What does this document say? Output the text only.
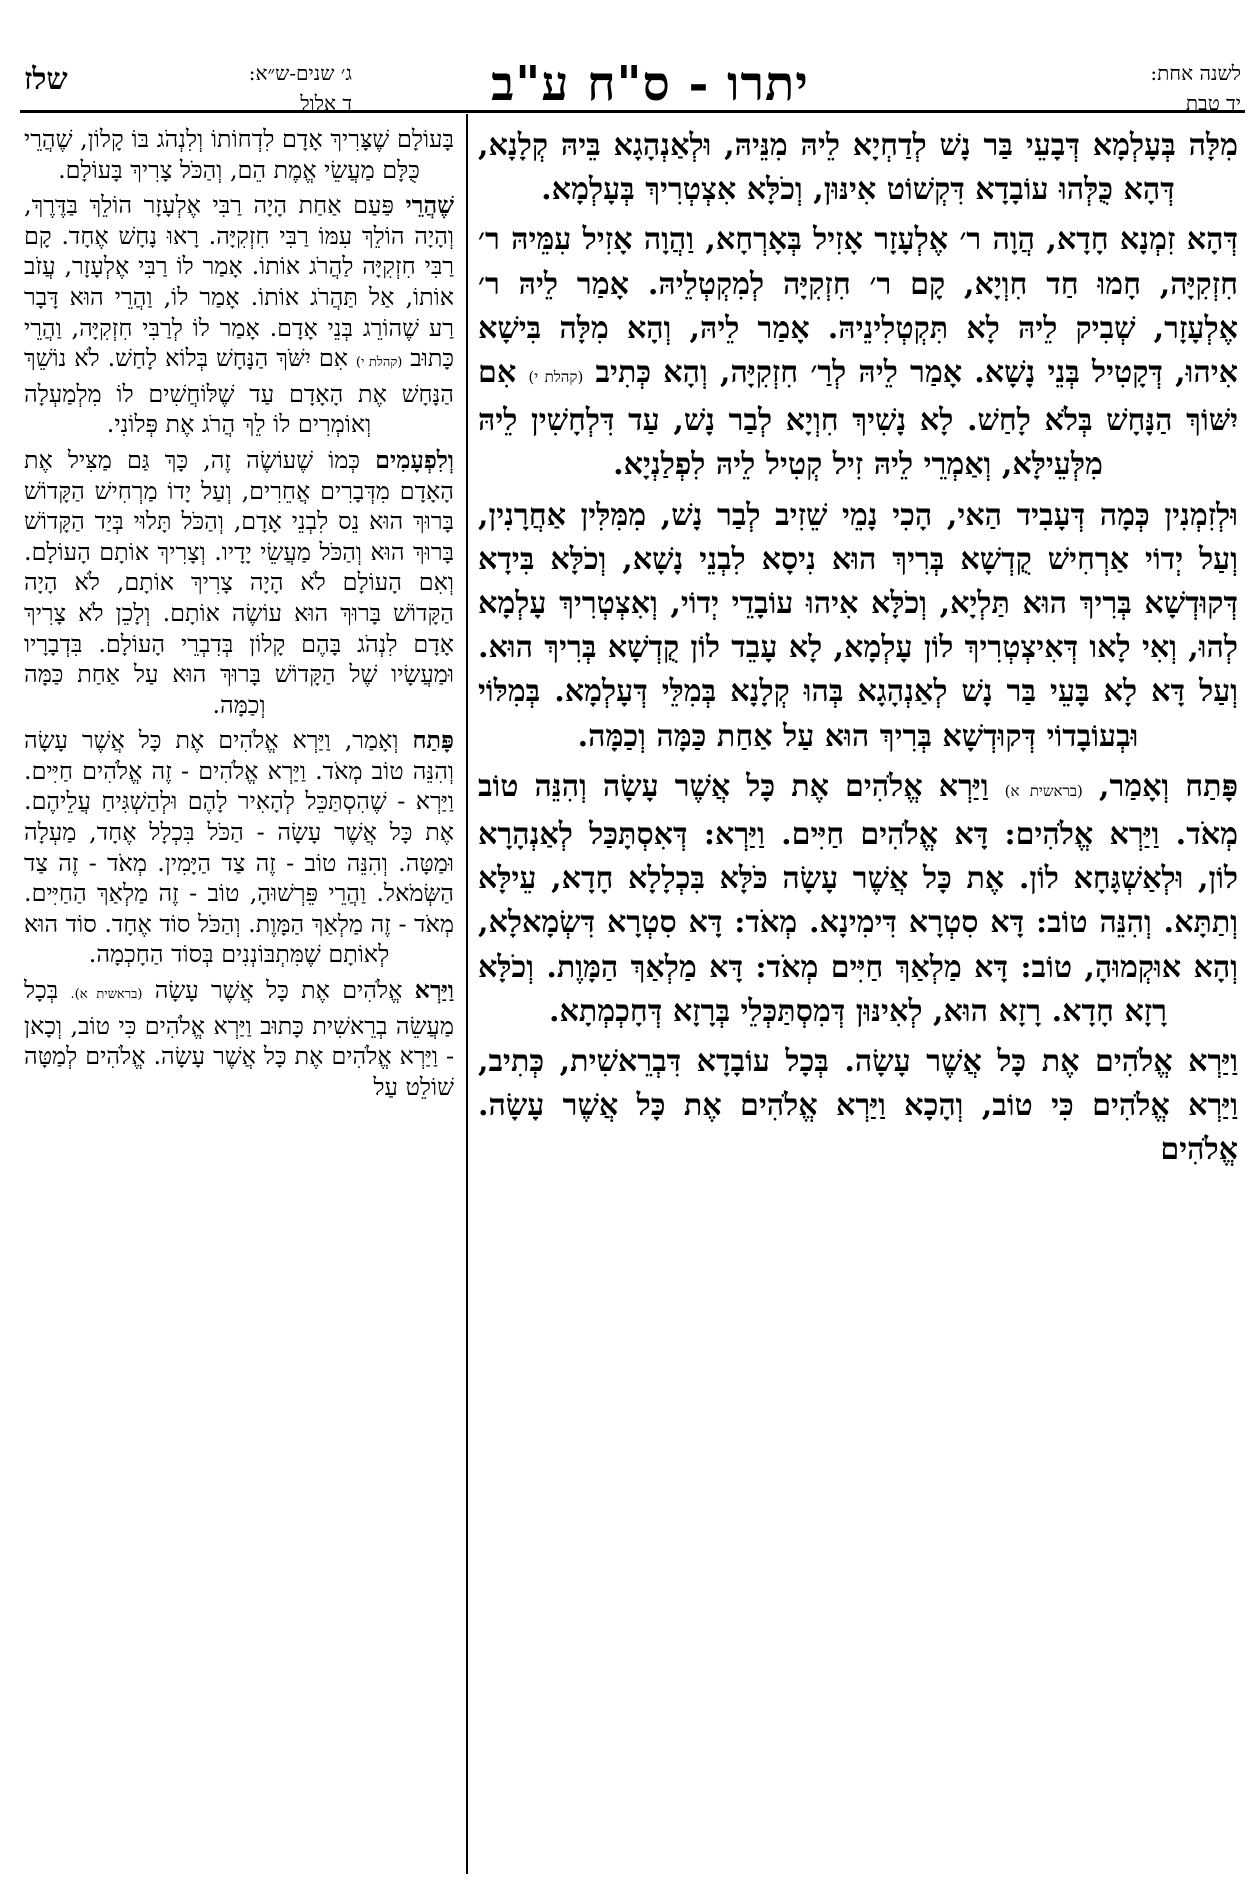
לשנה אחת:
יד טבת
יתרו - ס"ח ע"ב
ג׳ שנים-ש״א:
ד אלול
שלז

מִלָּה בְּעָלְמָא דְּבָעֵי בַּר נָשׁ לְדַחְיָא לֵיהּ מִנֵּיהּ, וּלְאַנְהָגָא בֵּיהּ קְלָנָא, דְּהָא כֻּלְּהוּ עוֹבָדָא דִּקְשׁוֹט אִינּוּן, וְכֹלָּא אִצְטְרִיךְ בְּעָלְמָא.

דְּהָא זִמְנָא חָדָא, הֲוָה ר׳ אֶלְעָזָר אָזִיל בְּאָרְחָא, וַהֲוָה אָזִיל עִמֵּיהּ ר׳ חִזְקִיָּה, חָמוּ חַד חִוְיָא, קָם ר׳ חִזְקִיָּה לְמִקְטְלֵיהּ. אָמַר לֵיהּ ר׳ אֶלְעָזָר, שְׁבִיק לֵיהּ לָא תִּקְטְלִינֵיהּ. אָמַר לֵיהּ, וְהָא מִלָּה בִּישָׁא אִיהוּ, דְּקָטִיל בְּנֵי נָשָׁא. אָמַר לֵיהּ לְרַ׳ חִזְקִיָּה, וְהָא כְּתִיב (קהלת י) אִם יִשּׁוֹךְ הַנָּחָשׁ בְּלֹא לָחַשׁ. לָא נָשִׁיךְ חִוְיָא לְבַר נָשׁ, עַד דִּלְחָשִׁין לֵיהּ מִלְּעֵילָּא, וְאַמְרֵי לֵיהּ זִיל קְטִיל לֵיהּ לִפְלַנְיָא.

וּלְזִמְנִין כְּמָה דְּעָבִיד הַאי, הָכִי נָמֵי שֵׁזִיב לְבַר נָשׁ, מִמִּלִּין אַחֲרָנִין, וְעַל יְדוֹי אַרְחִישׁ קֻדְשָׁא בְּרִיךְ הוּא נִיסָא לִבְנֵי נָשָׁא, וְכֹלָּא בִּידָא דְּקוּדְשָׁא בְּרִיךְ הוּא תַּלְיָא, וְכֹלָּא אִיהוּ עוֹבָדֵי יְדוֹי, וְאִצְטְרִיךְ עָלְמָא לְהוּ, וְאִי לָאו דְּאִיצְטְרִיךְ לוֹן עָלְמָא, לָא עָבֵד לוֹן קֻדְשָׁא בְּרִיךְ הוּא. וְעַל דָּא לָא בָּעֵי בַּר נָשׁ לְאַנְהָגָא בְּהוּ קְלָנָא בְּמִלֵּי דְּעָלְמָא. בְּמִלּוֹי וּבְעוֹבָדוֹי דְּקוּדְשָׁא בְּרִיךְ הוּא עַל אַחַת כַּמָּה וְכַמָּה.

פָּתַח וְאָמַר, (בראשית א) וַיַּרְא אֱלֹהִים אֶת כָּל אֲשֶׁר עָשָׂה וְהִנֵּה טוֹב מְאֹד. וַיַּרְא אֱלֹהִים: דָּא אֱלֹהִים חַיִּים. וַיַּרְא: דְּאִסְתָּכַּל לְאַנְהָרָא לוֹן, וּלְאַשְׁגָּחָא לוֹן. אֶת כָּל אֲשֶׁר עָשָׂה כֹּלָּא בִּכְלָלָא חָדָא, עֵילָּא וְתַתָּא. וְהִנֵּה טוֹב: דָּא סִטְרָא דִּימִינָא. מְאֹד: דָּא סִטְרָא דִּשְׂמָאלָא, וְהָא אוּקְמוּהָ, טוֹב: דָּא מַלְאַךְ חַיִּים מְאֹד: דָּא מַלְאַךְ הַמָּוֶת. וְכֹלָּא רָזָא חָדָא. רָזָא הוּא, לְאִינּוּן דְּמִסְתַּכְּלֵי בְּרָזָא דְּחָכְמְתָא.

וַיַּרְא אֱלֹהִים אֶת כָּל אֲשֶׁר עָשָׂה. בְּכָל עוֹבָדָא דִּבְרֵאשִׁית, כְּתִיב, וַיַּרְא אֱלֹהִים כִּי טוֹב, וְהָכָא וַיַּרְא אֱלֹהִים אֶת כָּל אֲשֶׁר עָשָׂה. אֱלֹהִים

בָּעוֹלָם שֶׁצָּרִיךְ אָדָם לִדְחוֹתוֹ וְלִנְהֹג בּוֹ קָלוֹן, שֶׁהֲרֵי כֻּלָּם מַעֲשֵׂי אֱמֶת הֵם, וְהַכֹּל צָרִיךְ בָּעוֹלָם.

שֶׁהֲרֵי פַּעַם אַחַת הָיָה רַבִּי אֶלְעָזָר הוֹלֵךְ בַּדֶּרֶךְ, וְהָיָה הוֹלֵךְ עִמּוֹ רַבִּי חִזְקִיָּה. רָאוּ נָחָשׁ אֶחָד. קָם רַבִּי חִזְקִיָּה לַהֲרֹג אוֹתוֹ. אָמַר לוֹ רַבִּי אֶלְעָזָר, עֲזֹב אוֹתוֹ, אַל תַּהֲרֹג אוֹתוֹ. אָמַר לוֹ, וַהֲרֵי הוּא דָּבָר רַע שֶׁהוֹרֵג בְּנֵי אָדָם. אָמַר לוֹ לְרַבִּי חִזְקִיָּה, וַהֲרֵי כָּתוּב (קהלת י) אִם יִשֹּׁךְ הַנָּחָשׁ בְּלוֹא לָחַשׁ. לֹא נוֹשֵׁךְ הַנָּחָשׁ אֶת הָאָדָם עַד שֶׁלּוֹחֲשִׁים לוֹ מִלְמַעְלָה וְאוֹמְרִים לוֹ לֵךְ הֲרֹג אֶת פְּלוֹנִי.

וְלִפְעָמִים כְּמוֹ שֶׁעוֹשֶׂה זֶה, כָּךְ גַּם מַצִּיל אֶת הָאָדָם מִדְּבָרִים אֲחֵרִים, וְעַל יָדוֹ מַרְחִישׁ הַקָּדוֹשׁ בָּרוּךְ הוּא נֵס לִבְנֵי אָדָם, וְהַכֹּל תָּלוּי בְּיַד הַקָּדוֹשׁ בָּרוּךְ הוּא וְהַכֹּל מַעֲשֵׂי יָדָיו. וְצָרִיךְ אוֹתָם הָעוֹלָם. וְאִם הָעוֹלָם לֹא הָיָה צָרִיךְ אוֹתָם, לֹא הָיָה הַקָּדוֹשׁ בָּרוּךְ הוּא עוֹשֶׂה אוֹתָם. וְלָכֵן לֹא צָרִיךְ אָדָם לִנְהֹג בָּהֶם קָלוֹן בְּדִבְרֵי הָעוֹלָם. בִּדְבָרָיו וּמַעֲשָׂיו שֶׁל הַקָּדוֹשׁ בָּרוּךְ הוּא עַל אַחַת כַּמָּה וְכַמָּה.

פָּתַח וְאָמַר, וַיַּרְא אֱלֹהִים אֶת כָּל אֲשֶׁר עָשָׂה וְהִנֵּה טוֹב מְאֹד. וַיַּרְא אֱלֹהִים - זֶה אֱלֹהִים חַיִּים. וַיַּרְא - שֶׁהִסְתַּכֵּל לְהָאִיר לָהֶם וּלְהַשְׁגִּיחַ עֲלֵיהֶם. אֶת כָּל אֲשֶׁר עָשָׂה - הַכֹּל בִּכְלָל אֶחָד, מַעְלָה וּמַטָּה. וְהִנֵּה טוֹב - זֶה צַד הַיָּמִין. מְאֹד - זֶה צַד הַשְּׂמֹאל. וַהֲרֵי פֵּרְשׁוּהָ, טוֹב - זֶה מַלְאַךְ הַחַיִּים. מְאֹד - זֶה מַלְאַךְ הַמָּוֶת. וְהַכֹּל סוֹד אֶחָד. סוֹד הוּא לְאוֹתָם שֶׁמִּתְבּוֹנְנִים בְּסוֹד הַחָכְמָה.

וַיַּרְא אֱלֹהִים אֶת כָּל אֲשֶׁר עָשָׂה (בראשית א). בְּכָל מַעֲשֵׂה בְרֵאשִׁית כָּתוּב וַיַּרְא אֱלֹהִים כִּי טוֹב, וְכָאן - וַיַּרְא אֱלֹהִים אֶת כָּל אֲשֶׁר עָשָׂה. אֱלֹהִים לְמַטָּה שׁוֹלֵט עַל
